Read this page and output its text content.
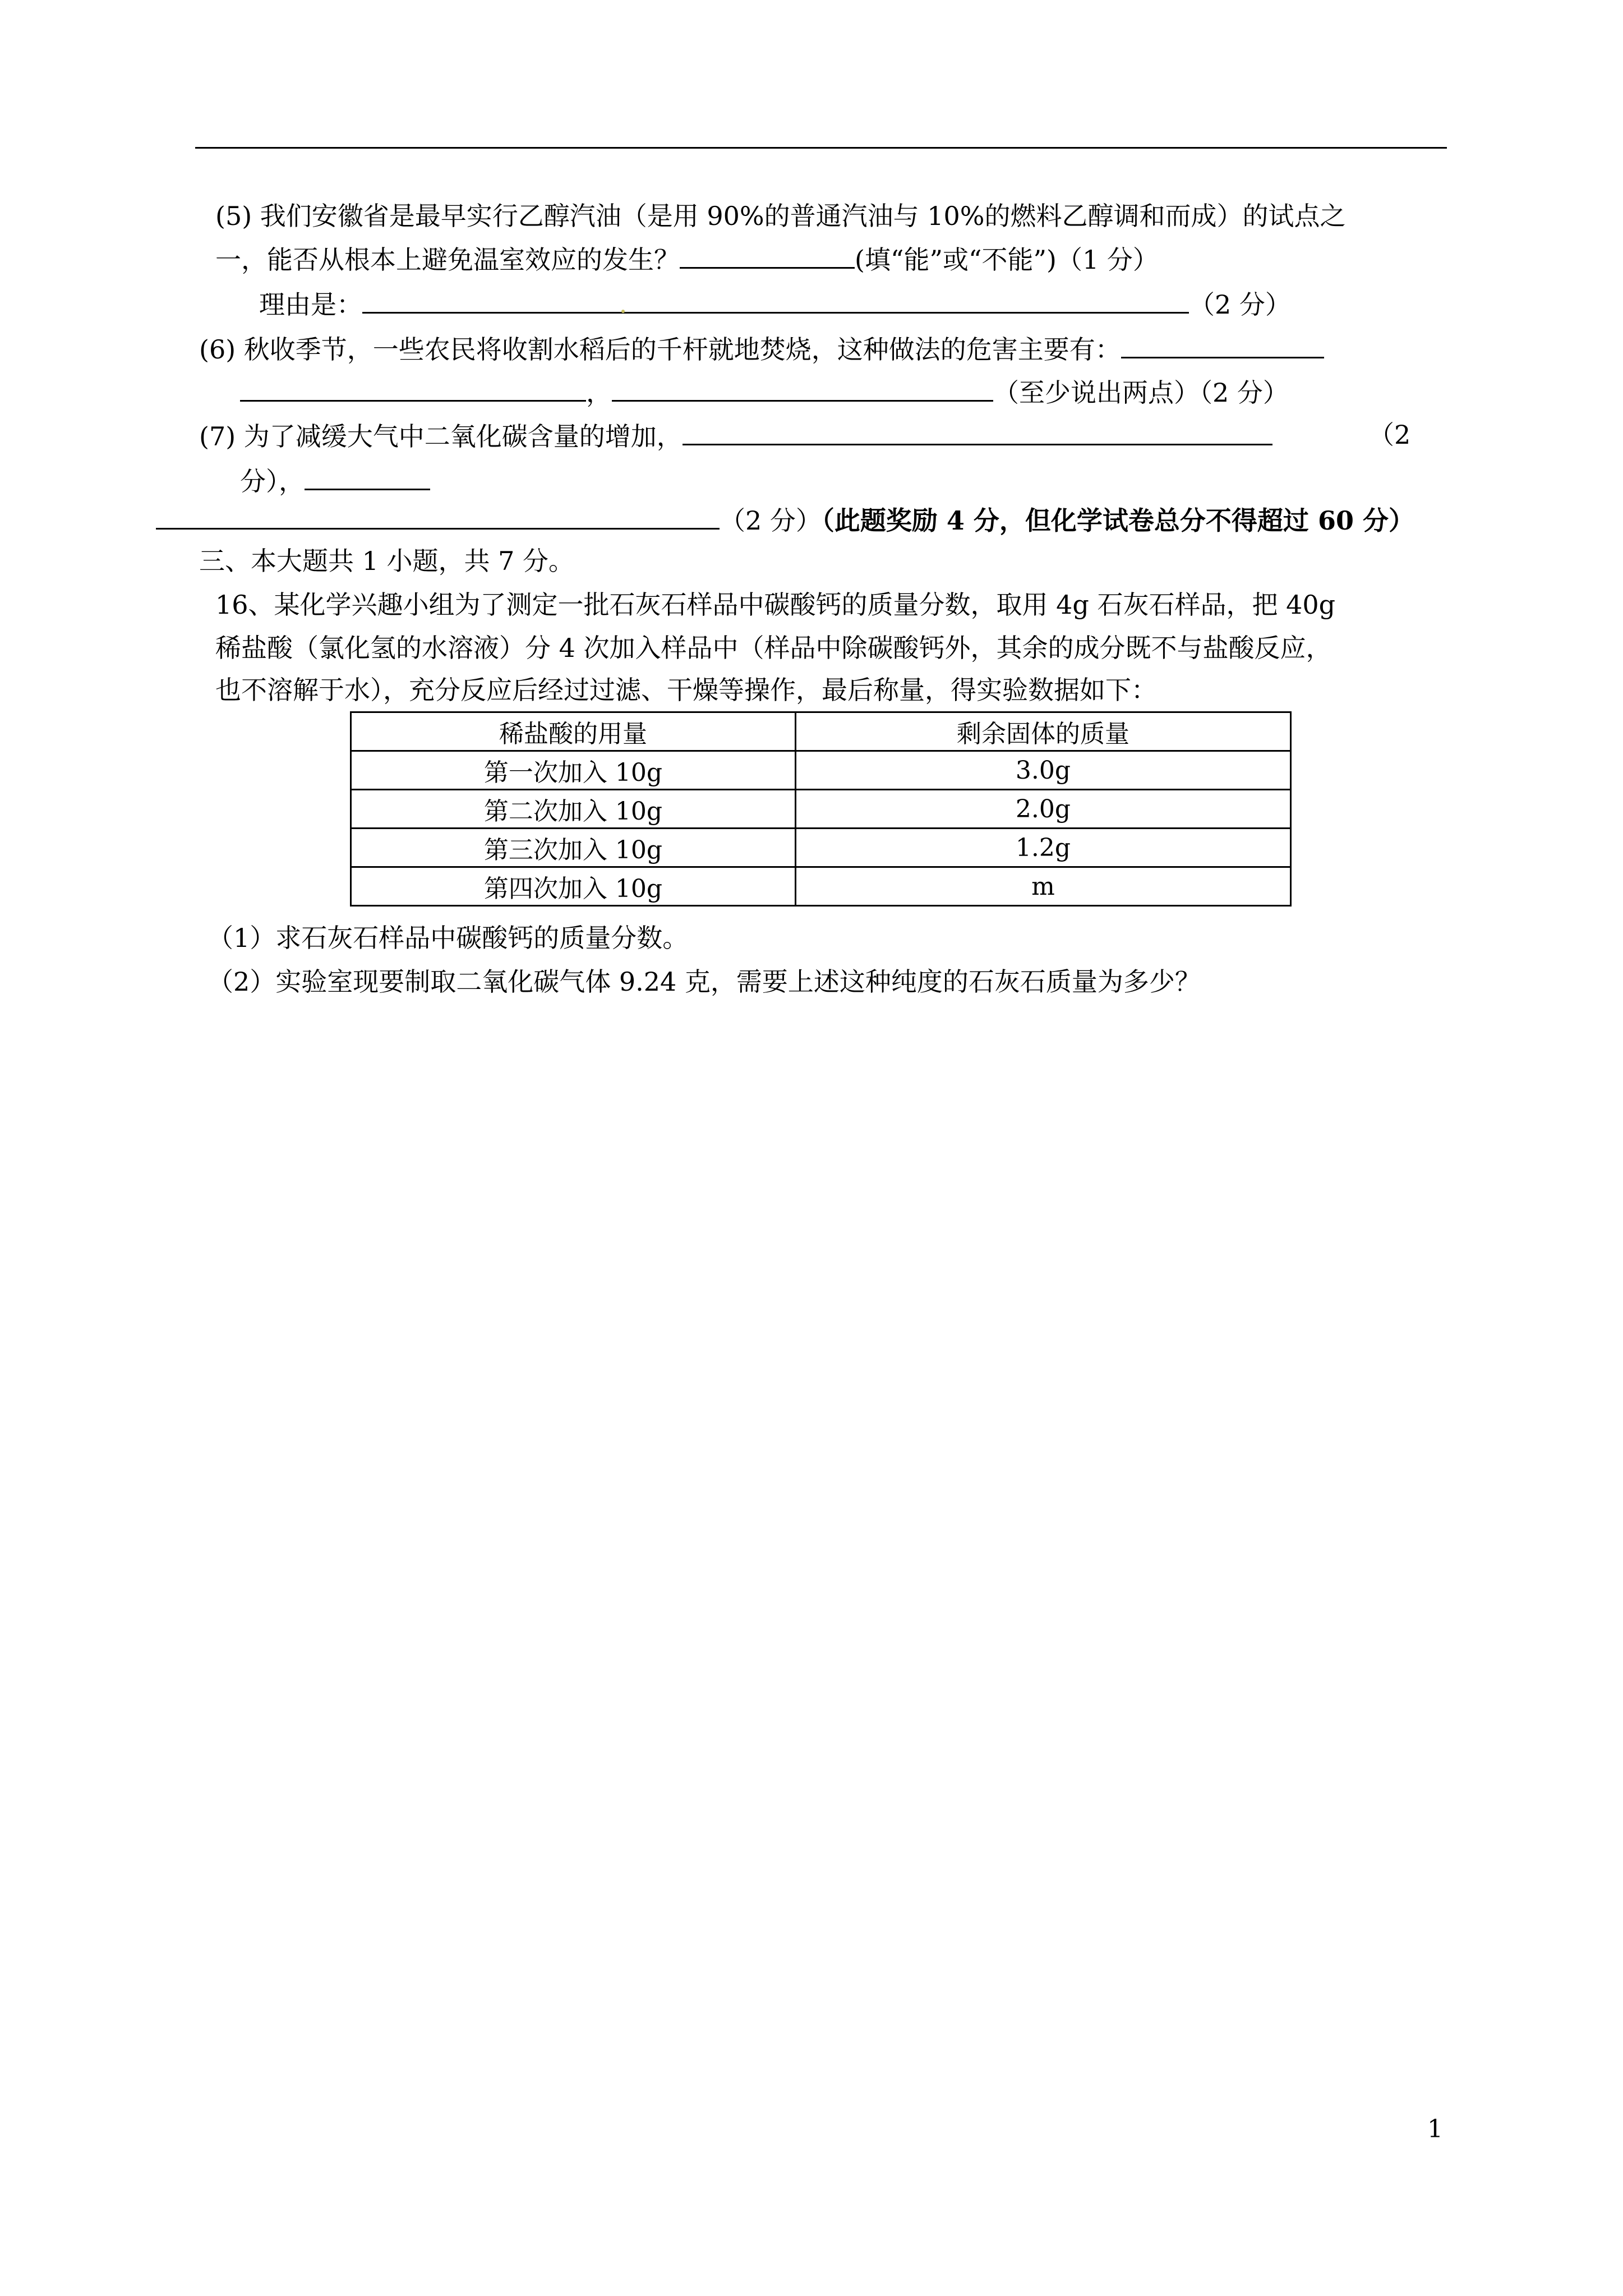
(5) 我们安徽省是最早实行乙醇汽油（是用 90%的普通汽油与 10%的燃料乙醇调和而成）的试点之
一，能否从根本上避免温室效应的发生？	(填“能”或“不能”)（1 分）
理由是：	（2 分）
(6) 秋收季节，一些农民将收割水稻后的千杆就地焚烧，这种做法的危害主要有：
，	（至少说出两点）（2 分）
(7) 为了减缓大气中二氧化碳含量的增加，	（2
分），
（2 分）（此题奖励 4 分，但化学试卷总分不得超过 60 分）
三、本大题共 1 小题，共 7 分。
16、某化学兴趣小组为了测定一批石灰石样品中碳酸钙的质量分数，取用 4g 石灰石样品，把 40g
稀盐酸（氯化氢的水溶液）分 4 次加入样品中（样品中除碳酸钙外，其余的成分既不与盐酸反应，
也不溶解于水），充分反应后经过过滤、干燥等操作，最后称量，得实验数据如下：
稀盐酸的用量	剩余固体的质量
第一次加入 10g	3.0g
第二次加入 10g	2.0g
第三次加入 10g	1.2g
第四次加入 10g	m
（1）求石灰石样品中碳酸钙的质量分数。
（2）实验室现要制取二氧化碳气体 9.24 克，需要上述这种纯度的石灰石质量为多少？
1
